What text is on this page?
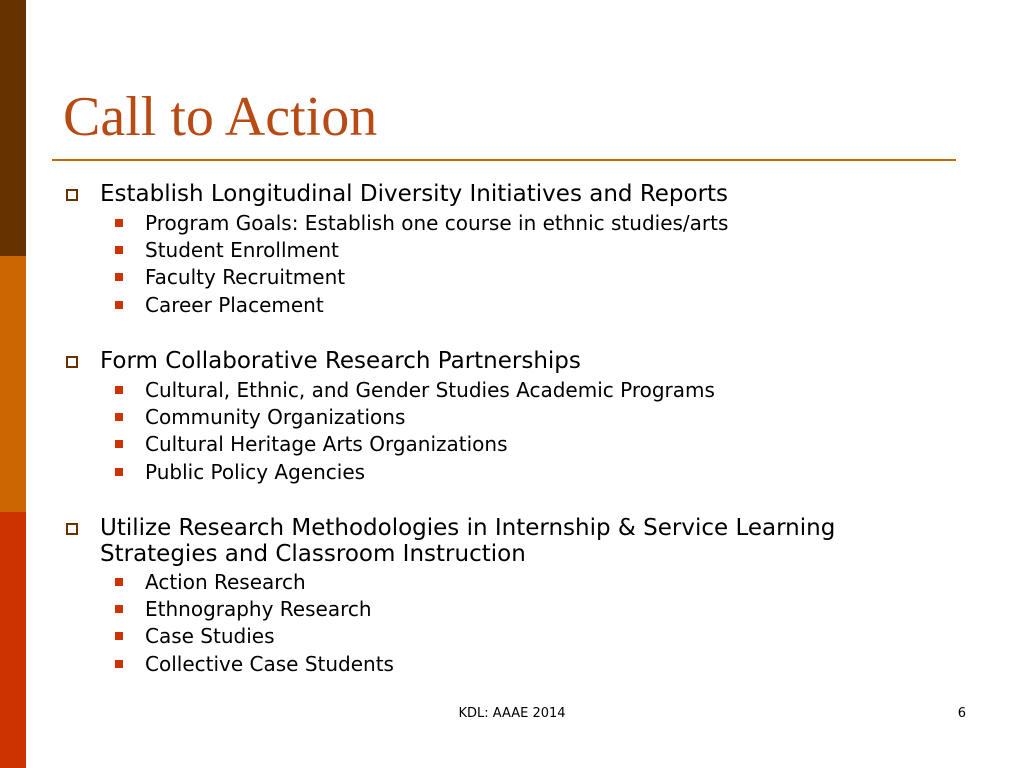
Call to Action
Establish Longitudinal Diversity Initiatives and Reports
Program Goals: Establish one course in ethnic studies/arts
Student Enrollment
Faculty Recruitment
Career Placement
Form Collaborative Research Partnerships
Cultural, Ethnic, and Gender Studies Academic Programs
Community Organizations
Cultural Heritage Arts Organizations
Public Policy Agencies
Utilize Research Methodologies in Internship & Service Learning Strategies and Classroom Instruction
Action Research
Ethnography Research
Case Studies
Collective Case Students
KDL: AAAE 2014	6
